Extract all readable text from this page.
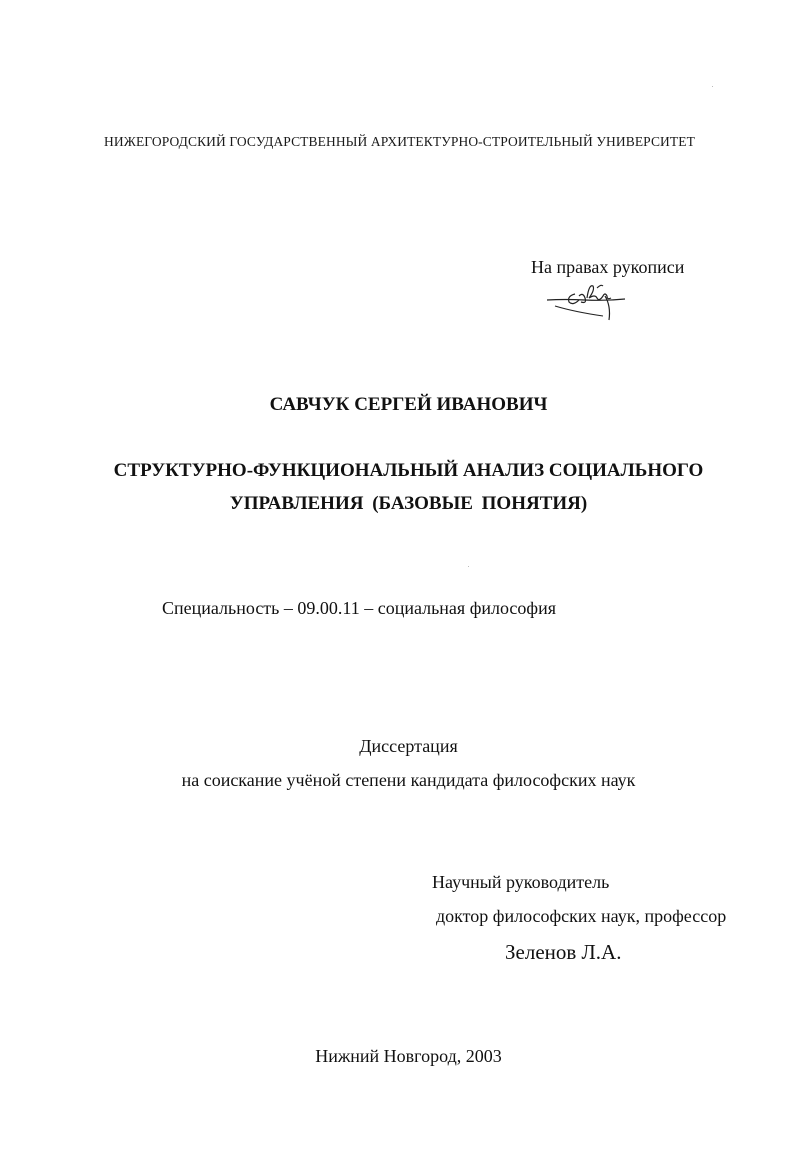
НИЖЕГОРОДСКИЙ ГОСУДАРСТВЕННЫЙ АРХИТЕКТУРНО-СТРОИТЕЛЬНЫЙ УНИВЕРСИТЕТ
На правах рукописи
САВЧУК СЕРГЕЙ ИВАНОВИЧ
СТРУКТУРНО-ФУНКЦИОНАЛЬНЫЙ АНАЛИЗ СОЦИАЛЬНОГО
УПРАВЛЕНИЯ (БАЗОВЫЕ ПОНЯТИЯ)
Специальность – 09.00.11 – социальная философия
Диссертация
на соискание учёной степени кандидата философских наук
Научный руководитель
доктор философских наук, профессор
Зеленов Л.А.
Нижний Новгород, 2003
